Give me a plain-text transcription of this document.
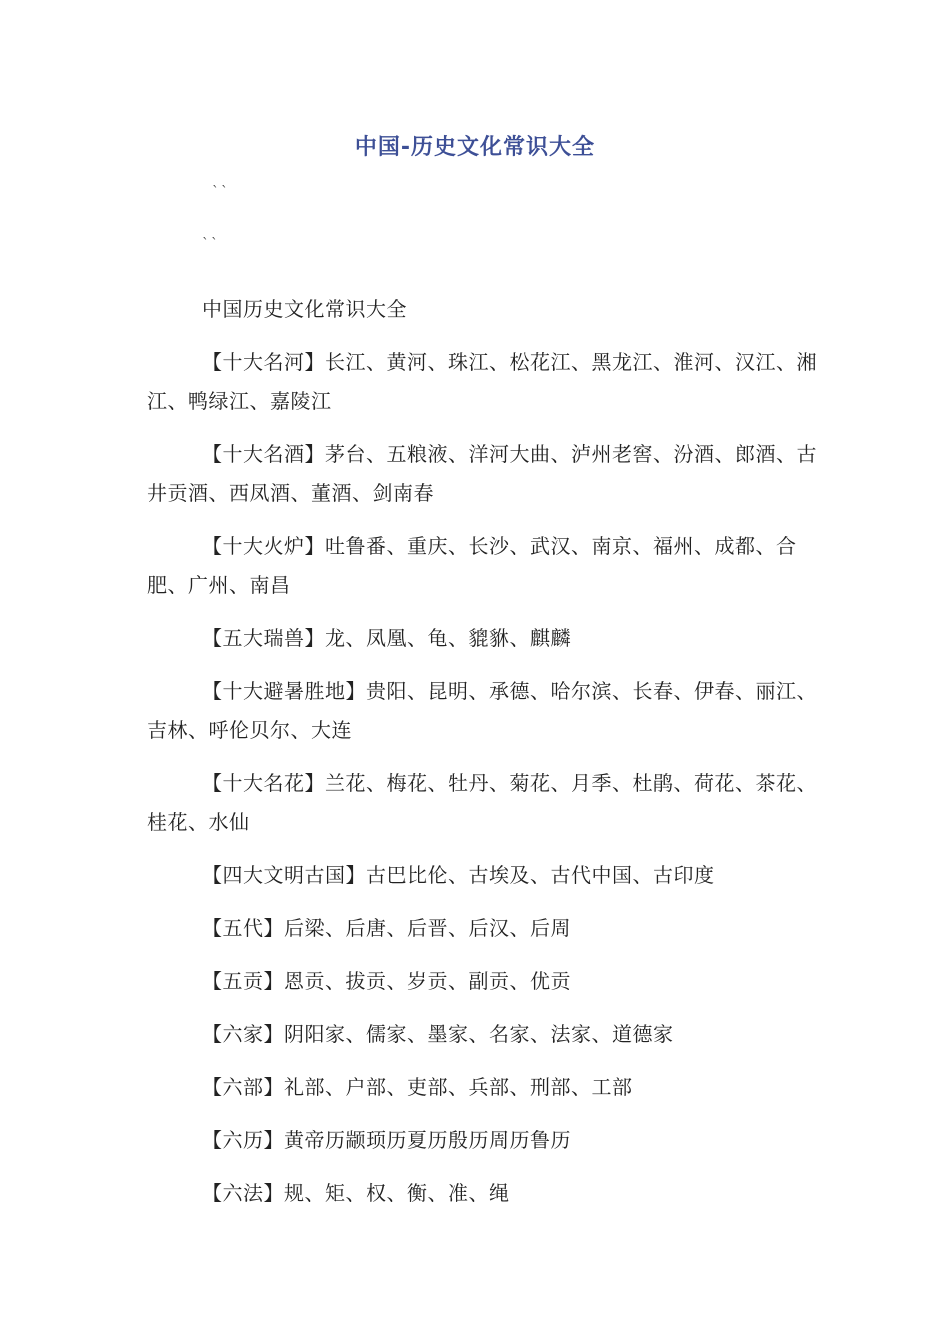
中国-历史文化常识大全
``
``

中国历史文化常识大全

【十大名河】长江、黄河、珠江、松花江、黑龙江、淮河、汉江、湘江、鸭绿江、嘉陵江

【十大名酒】茅台、五粮液、洋河大曲、泸州老窖、汾酒、郎酒、古井贡酒、西凤酒、董酒、剑南春

【十大火炉】吐鲁番、重庆、长沙、武汉、南京、福州、成都、合肥、广州、南昌

【五大瑞兽】龙、凤凰、龟、貔貅、麒麟

【十大避暑胜地】贵阳、昆明、承德、哈尔滨、长春、伊春、丽江、吉林、呼伦贝尔、大连

【十大名花】兰花、梅花、牡丹、菊花、月季、杜鹃、荷花、茶花、桂花、水仙

【四大文明古国】古巴比伦、古埃及、古代中国、古印度

【五代】后梁、后唐、后晋、后汉、后周

【五贡】恩贡、拔贡、岁贡、副贡、优贡

【六家】阴阳家、儒家、墨家、名家、法家、道德家

【六部】礼部、户部、吏部、兵部、刑部、工部

【六历】黄帝历颛顼历夏历殷历周历鲁历

【六法】规、矩、权、衡、准、绳
